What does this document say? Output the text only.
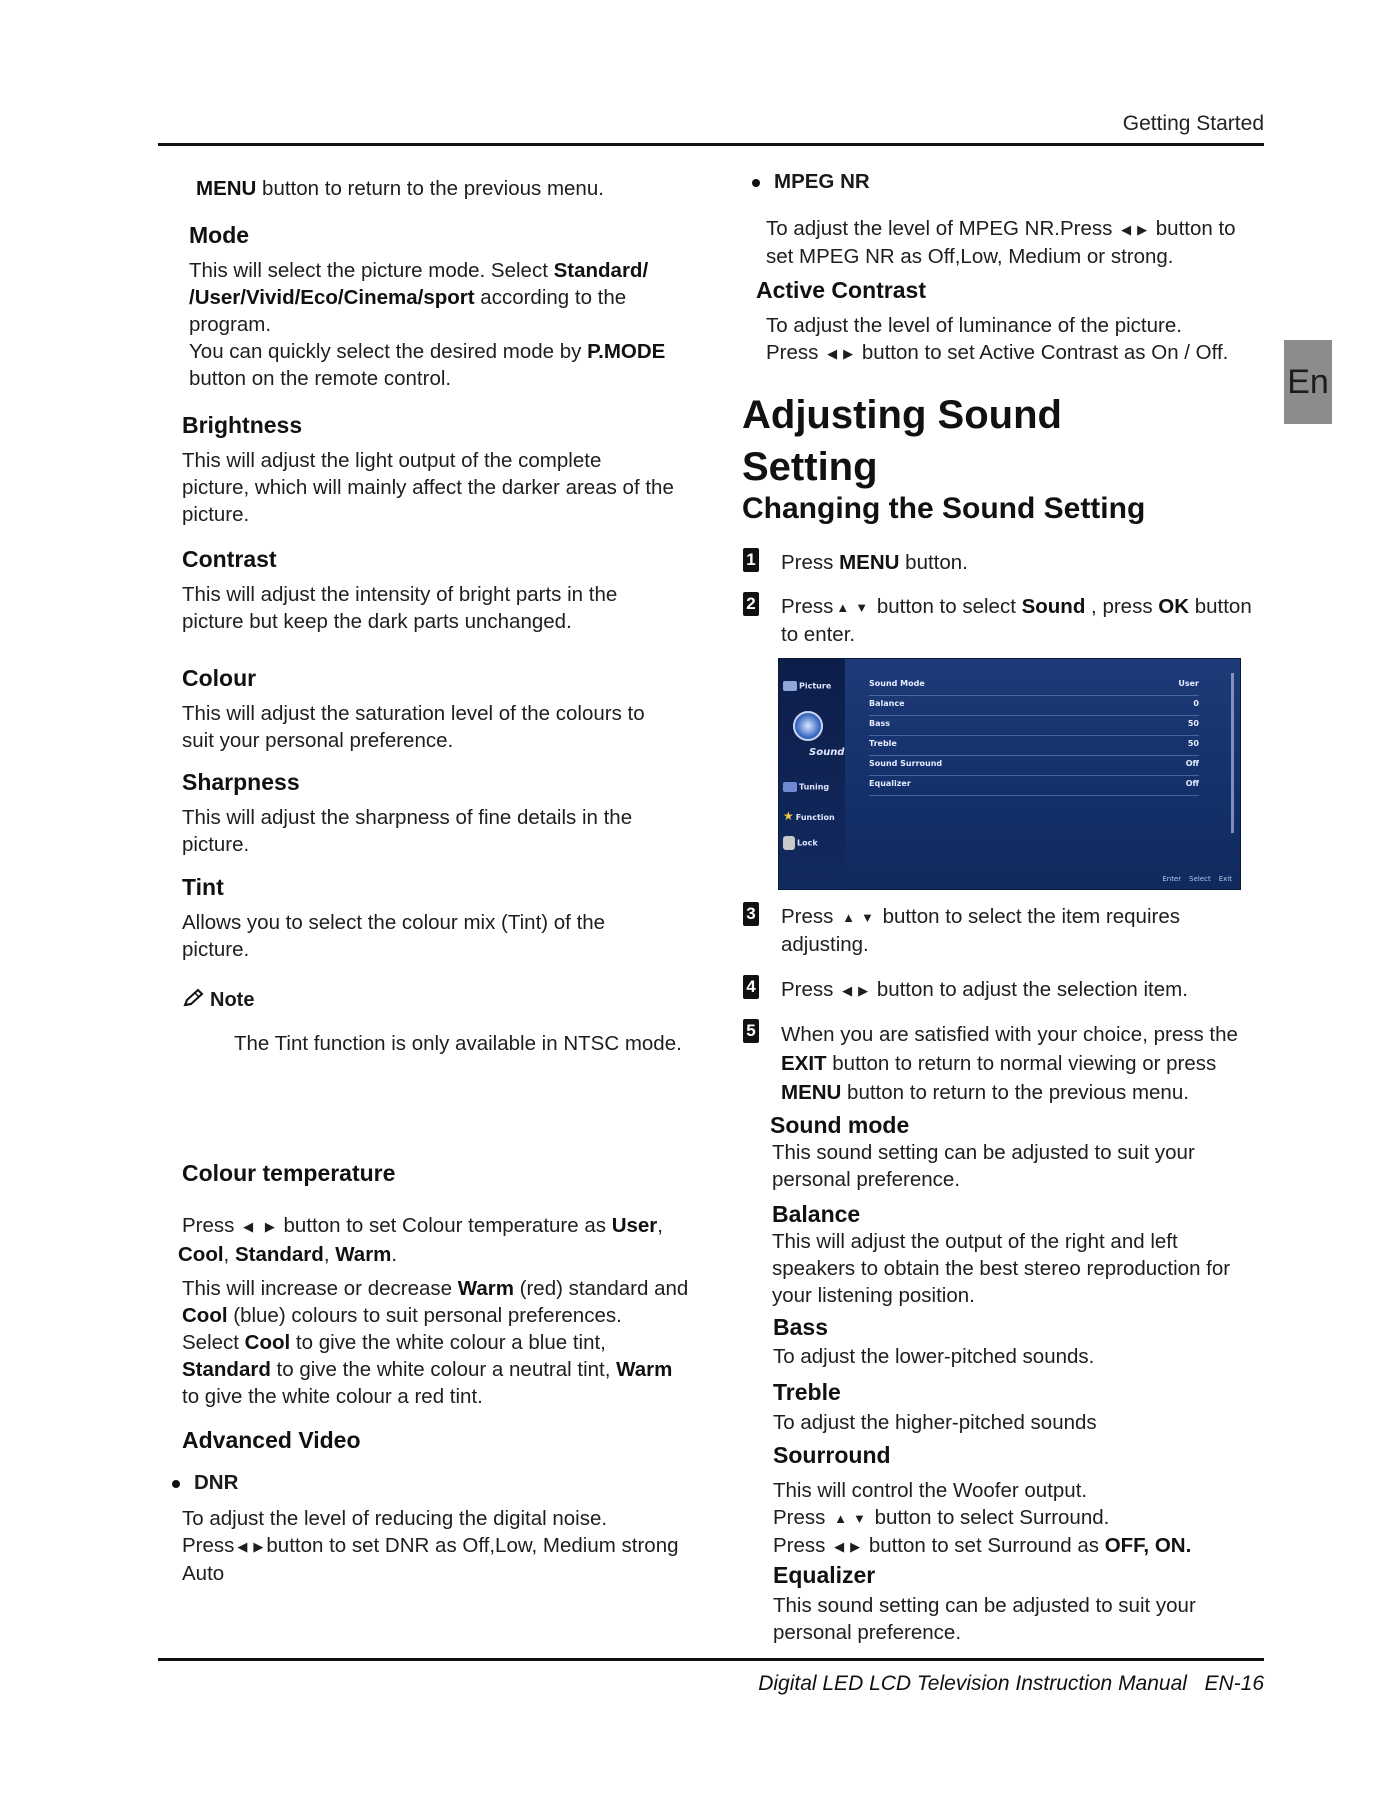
Getting Started
En
MENU button to return to the previous menu.
Mode
This will select the picture mode. Select Standard/
/User/Vivid/Eco/Cinema/sport according to the
program.
You can quickly select the desired mode by P.MODE
button on the remote control.
Brightness
This will adjust the light output of the complete
picture, which will mainly affect the darker areas of the
picture.
Contrast
This will adjust the intensity of bright parts in the
picture but keep the dark parts unchanged.
Colour
This will adjust the saturation level of the colours to
suit your personal preference.
Sharpness
This will adjust the sharpness of fine details in the
picture.
Tint
Allows you to select the colour mix (Tint) of the
picture.
Note
The Tint function is only available in NTSC mode.
Colour temperature
Press ◀ ▶ button to set Colour temperature as User,
Cool, Standard, Warm.
This will increase or decrease Warm (red) standard and
Cool (blue) colours to suit personal preferences.
Select Cool to give the white colour a blue tint,
Standard to give the white colour a neutral tint, Warm
to give the white colour a red tint.
Advanced Video
DNR
To adjust the level of reducing the digital noise.
Press ◀ ▶ button to set DNR as Off,Low, Medium strong
Auto
MPEG NR
To adjust the level of MPEG NR.Press ◀ ▶ button to
set MPEG NR as Off,Low, Medium or strong.
Active Contrast
To adjust the level of luminance of the picture.
Press ◀ ▶ button to set Active Contrast as On / Off.
Adjusting Sound
Setting
Changing the Sound Setting
1 Press MENU button.
2 Press ▲ ▼ button to select Sound , press OK button
to enter.
Picture
Sound
Tuning
★ Function
Lock
Sound Mode	User
Balance	0
Bass	50
Treble	50
Sound Surround	Off
Equalizer	Off
Enter Select Exit
3 Press ▲ ▼ button to select the item requires
adjusting.
4 Press ◀ ▶ button to adjust the selection item.
5 When you are satisfied with your choice, press the
EXIT button to return to normal viewing or press
MENU button to return to the previous menu.
Sound mode
This sound setting can be adjusted to suit your
personal preference.
Balance
This will adjust the output of the right and left
speakers to obtain the best stereo reproduction for
your listening position.
Bass
To adjust the lower-pitched sounds.
Treble
To adjust the higher-pitched sounds
Sourround
This will control the Woofer output.
Press ▲ ▼ button to select Surround.
Press ◀ ▶ button to set Surround as OFF, ON.
Equalizer
This sound setting can be adjusted to suit your
personal preference.
Digital LED LCD Television Instruction Manual EN-16
